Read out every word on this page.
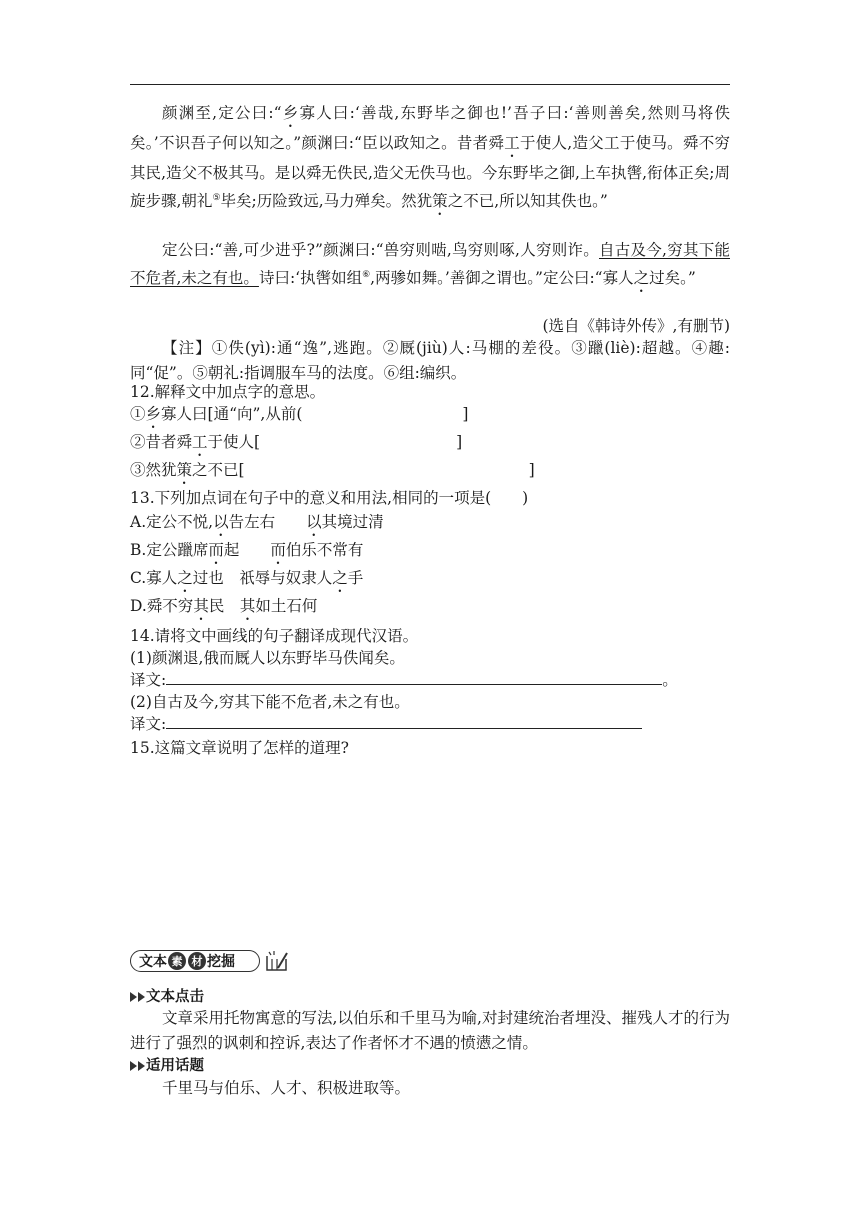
颜渊至,定公曰:“乡寡人曰:‘善哉,东野毕之御也!’吾子曰:‘善则善矣,然则马将佚矣。’不识吾子何以知之。”颜渊曰:“臣以政知之。昔者舜工于使人,造父工于使马。舜不穷其民,造父不极其马。是以舜无佚民,造父无佚马也。今东野毕之御,上车执辔,衔体正矣;周旋步骤,朝礼⑤毕矣;历险致远,马力殚矣。然犹策之不已,所以知其佚也。”

定公曰:“善,可少进乎?”颜渊曰:“兽穷则啮,鸟穷则啄,人穷则诈。自古及今,穷其下能不危者,未之有也。诗曰:‘执辔如组⑥,两骖如舞。’善御之谓也。”定公曰:“寡人之过矣。”

(选自《韩诗外传》,有删节)

【注】①佚(yì):通“逸”,逃跑。②厩(jiù)人:马棚的差役。③躐(liè):超越。④趣:同“促”。⑤朝礼:指调服车马的法度。⑥组:编织。

12.解释文中加点字的意思。
①乡寡人曰[通“向”,从前(	]
②昔者舜工于使人[	]
③然犹策之不已[	]
13.下列加点词在句子中的意义和用法,相同的一项是(　　)
A.定公不悦,以告左右　　以其境过清
B.定公躐席而起　　而伯乐不常有
C.寡人之过也　祇辱与奴隶人之手
D.舜不穷其民　其如土石何
14.请将文中画线的句子翻译成现代汉语。
(1)颜渊退,俄而厩人以东野毕马佚闻矣。
译文:	。
(2)自古及今,穷其下能不危者,未之有也。
译文:
15.这篇文章说明了怎样的道理?
文本 素 材 挖掘
文本点击

文章采用托物寓意的写法,以伯乐和千里马为喻,对封建统治者埋没、摧残人才的行为进行了强烈的讽刺和控诉,表达了作者怀才不遇的愤懑之情。

适用话题

千里马与伯乐、人才、积极进取等。
